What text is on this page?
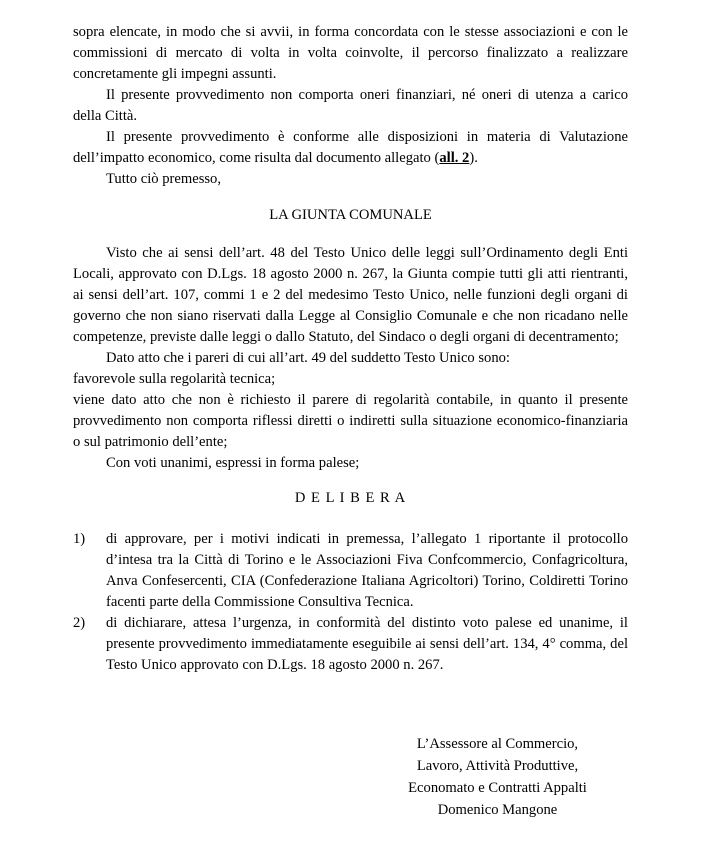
sopra elencate, in modo che si avvii, in forma concordata con le stesse associazioni e con le commissioni di mercato di volta in volta coinvolte, il percorso finalizzato a realizzare concretamente gli impegni assunti.

Il presente provvedimento non comporta oneri finanziari, né oneri di utenza a carico della Città.

Il presente provvedimento è conforme alle disposizioni in materia di Valutazione dell’impatto economico, come risulta dal documento allegato (all. 2).

Tutto ciò premesso,

LA GIUNTA COMUNALE

Visto che ai sensi dell’art. 48 del Testo Unico delle leggi sull’Ordinamento degli Enti Locali, approvato con D.Lgs. 18 agosto 2000 n. 267, la Giunta compie tutti gli atti rientranti, ai sensi dell’art. 107, commi 1 e 2 del medesimo Testo Unico, nelle funzioni degli organi di governo che non siano riservati dalla Legge al Consiglio Comunale e che non ricadano nelle competenze, previste dalle leggi o dallo Statuto, del Sindaco o degli organi di decentramento;

Dato atto che i pareri di cui all’art. 49 del suddetto Testo Unico sono:

favorevole sulla regolarità tecnica;

viene dato atto che non è richiesto il parere di regolarità contabile, in quanto il presente provvedimento non comporta riflessi diretti o indiretti sulla situazione economico-finanziaria o sul patrimonio dell’ente;

Con voti unanimi, espressi in forma palese;

D E L I B E R A
1) di approvare, per i motivi indicati in premessa, l’allegato 1 riportante il protocollo d’intesa tra la Città di Torino e le Associazioni Fiva Confcommercio, Confagricoltura, Anva Confesercenti, CIA (Confederazione Italiana Agricoltori) Torino, Coldiretti Torino facenti parte della Commissione Consultiva Tecnica.

2) di dichiarare, attesa l’urgenza, in conformità del distinto voto palese ed unanime, il presente provvedimento immediatamente eseguibile ai sensi dell’art. 134, 4° comma, del Testo Unico approvato con D.Lgs. 18 agosto 2000 n. 267.

L’Assessore al Commercio,
Lavoro, Attività Produttive,
Economato e Contratti Appalti
Domenico Mangone
